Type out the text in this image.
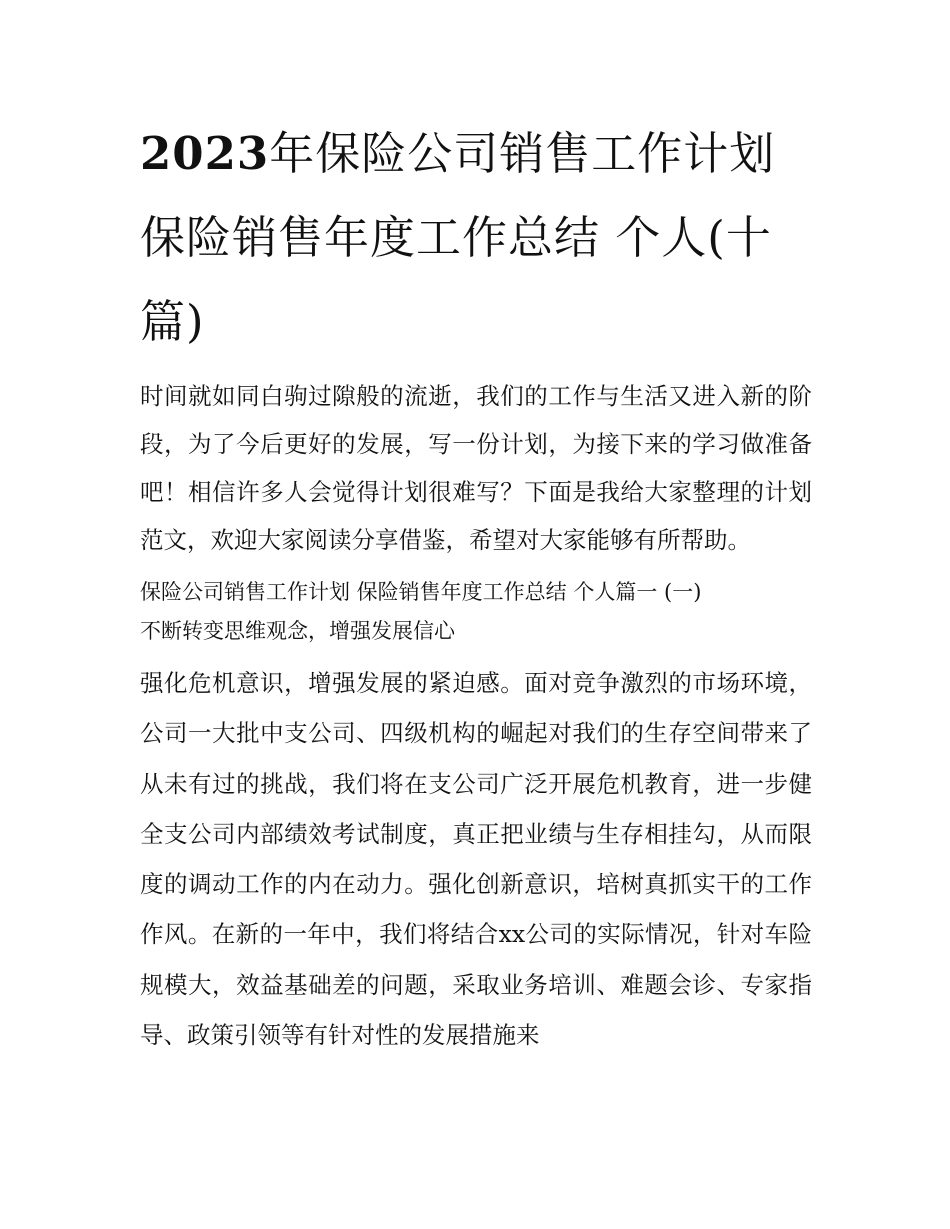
2023年保险公司销售工作计划保险销售年度工作总结 个人(十篇)

时间就如同白驹过隙般的流逝，我们的工作与生活又进入新的阶段，为了今后更好的发展，写一份计划，为接下来的学习做准备吧！相信许多人会觉得计划很难写？下面是我给大家整理的计划范文，欢迎大家阅读分享借鉴，希望对大家能够有所帮助。

保险公司销售工作计划 保险销售年度工作总结 个人篇一 (一)

不断转变思维观念，增强发展信心

强化危机意识，增强发展的紧迫感。面对竞争激烈的市场环境，公司一大批中支公司、四级机构的崛起对我们的生存空间带来了从未有过的挑战，我们将在支公司广泛开展危机教育，进一步健全支公司内部绩效考试制度，真正把业绩与生存相挂勾，从而限度的调动工作的内在动力。强化创新意识，培树真抓实干的工作作风。在新的一年中，我们将结合xx公司的实际情况，针对车险规模大，效益基础差的问题，采取业务培训、难题会诊、专家指导、政策引领等有针对性的发展措施来
